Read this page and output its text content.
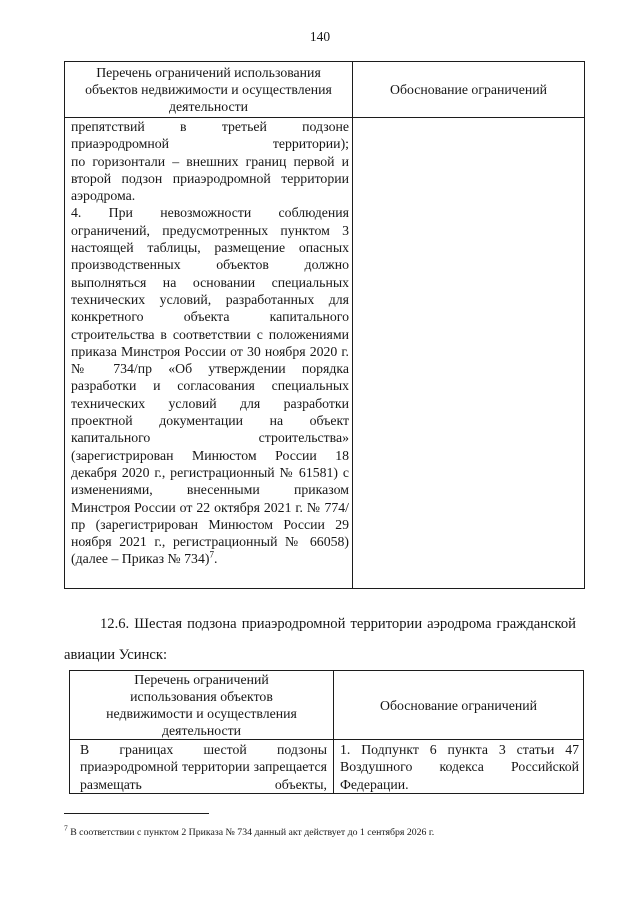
140
Перечень ограничений использования объектов недвижимости и осуществления деятельности	Обоснование ограничений

препятствий в третьей подзоне приаэродромной территории);

по горизонтали – внешних границ первой и второй подзон приаэродромной территории аэродрома.

4. При невозможности соблюдения ограничений, предусмотренных пунктом 3 настоящей таблицы, размещение опасных производственных объектов должно выполняться на основании специальных технических условий, разработанных для конкретного объекта капитального строительства в соответствии с положениями приказа Минстроя России от 30 ноября 2020 г. № 734/пр «Об утверждении порядка разработки и согласования специальных технических условий для разработки проектной документации на объект капитального строительства» (зарегистрирован Минюстом России 18 декабря 2020 г., регистрационный № 61581) с изменениями, внесенными приказом Минстроя России от 22 октября 2021 г. № 774/пр (зарегистрирован Минюстом России 29 ноября 2021 г., регистрационный № 66058) (далее – Приказ № 734)$^7$.	

12.6. Шестая подзона приаэродромной территории аэродрома гражданской
авиации Усинск:

Перечень ограничений использования объектов недвижимости и осуществления деятельности	Обоснование ограничений

В границах шестой подзоны приаэродромной территории запрещается размещать объекты,	1. Подпункт 6 пункта 3 статьи 47 Воздушного кодекса Российской Федерации.

$^7$ В соответствии с пунктом 2 Приказа № 734 данный акт действует до 1 сентября 2026 г.
